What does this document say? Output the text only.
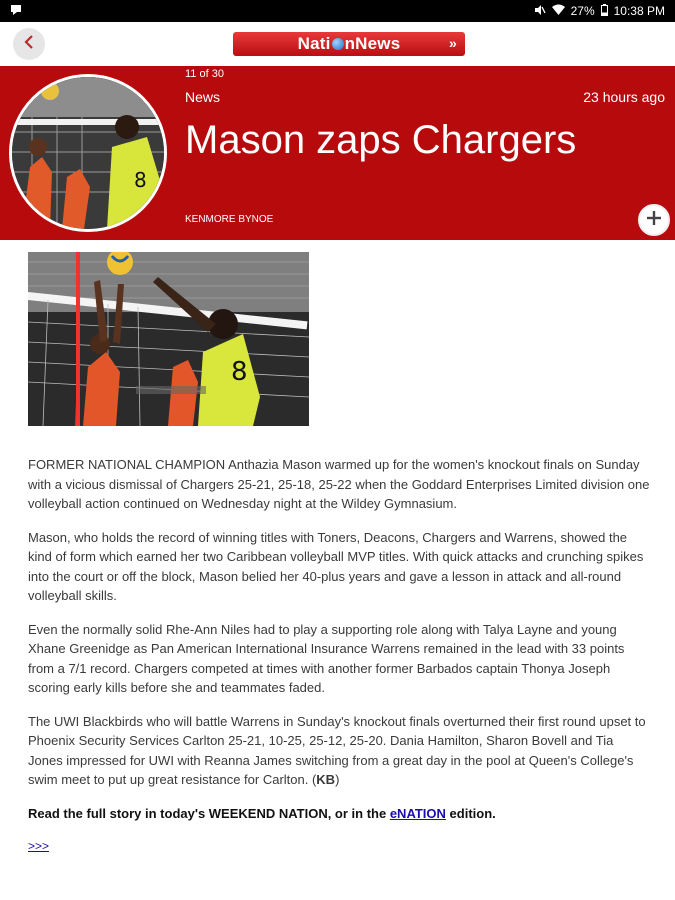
27% 10:38 PM
Nati nNews	»
8
11 of 30
News	23 hours ago
Mason zaps Chargers
KENMORE BYNOE
8

FORMER NATIONAL CHAMPION Anthazia Mason warmed up for the women's knockout finals on Sunday with a vicious dismissal of Chargers 25-21, 25-18, 25-22 when the Goddard Enterprises Limited division one volleyball action continued on Wednesday night at the Wildey Gymnasium.

Mason, who holds the record of winning titles with Toners, Deacons, Chargers and Warrens, showed the kind of form which earned her two Caribbean volleyball MVP titles. With quick attacks and crunching spikes into the court or off the block, Mason belied her 40-plus years and gave a lesson in attack and all-round volleyball skills.

Even the normally solid Rhe-Ann Niles had to play a supporting role along with Talya Layne and young Xhane Greenidge as Pan American International Insurance Warrens remained in the lead with 33 points from a 7/1 record. Chargers competed at times with another former Barbados captain Thonya Joseph scoring early kills before she and teammates faded.

The UWI Blackbirds who will battle Warrens in Sunday's knockout finals overturned their first round upset to Phoenix Security Services Carlton 25-21, 10-25, 25-12, 25-20. Dania Hamilton, Sharon Bovell and Tia Jones impressed for UWI with Reanna James switching from a great day in the pool at Queen's College's swim meet to put up great resistance for Carlton. (KB)

Read the full story in today's WEEKEND NATION, or in the eNATION edition.

>>>
